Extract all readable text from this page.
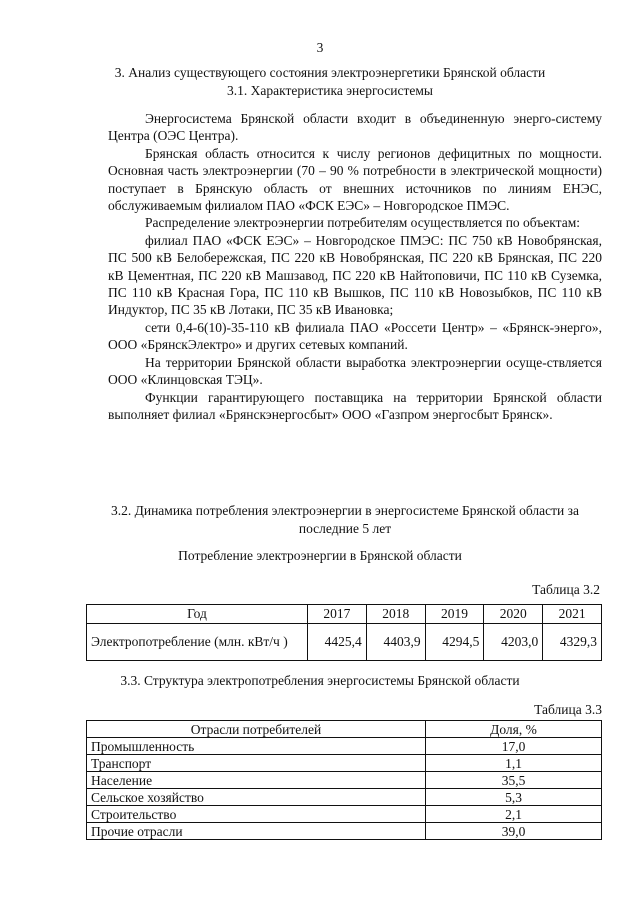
3
3. Анализ существующего состояния электроэнергетики Брянской области
3.1. Характеристика энергосистемы

Энергосистема Брянской области входит в объединенную энерго-систему Центра (ОЭС Центра).

Брянская область относится к числу регионов дефицитных по мощности. Основная часть электроэнергии (70 – 90 % потребности в электрической мощности) поступает в Брянскую область от внешних источников по линиям ЕНЭС, обслуживаемым филиалом ПАО «ФСК ЕЭС» – Новгородское ПМЭС.

Распределение электроэнергии потребителям осуществляется по объектам:

филиал ПАО «ФСК ЕЭС» – Новгородское ПМЭС: ПС 750 кВ Новобрянская, ПС 500 кВ Белобережская, ПС 220 кВ Новобрянская, ПС 220 кВ Брянская, ПС 220 кВ Цементная, ПС 220 кВ Машзавод, ПС 220 кВ Найтоповичи, ПС 110 кВ Суземка, ПС 110 кВ Красная Гора, ПС 110 кВ Вышков, ПС 110 кВ Новозыбков, ПС 110 кВ Индуктор, ПС 35 кВ Лотаки, ПС 35 кВ Ивановка;

сети 0,4-6(10)-35-110 кВ филиала ПАО «Россети Центр» – «Брянск-энерго», ООО «БрянскЭлектро» и других сетевых компаний.

На территории Брянской области выработка электроэнергии осуще-ствляется ООО «Клинцовская ТЭЦ».

Функции гарантирующего поставщика на территории Брянской области выполняет филиал «Брянскэнергосбыт» ООО «Газпром энергосбыт Брянск».

3.2. Динамика потребления электроэнергии в энергосистеме Брянской области за последние 5 лет
Потребление электроэнергии в Брянской области
Таблица 3.2
Год	2017	2018	2019	2020	2021
Электропотребление (млн. кВт/ч )	4425,4	4403,9	4294,5	4203,0	4329,3
3.3. Структура электропотребления энергосистемы Брянской области
Таблица 3.3
Отрасли потребителей	Доля, %
Промышленность	17,0
Транспорт	1,1
Население	35,5
Сельское хозяйство	5,3
Строительство	2,1
Прочие отрасли	39,0
